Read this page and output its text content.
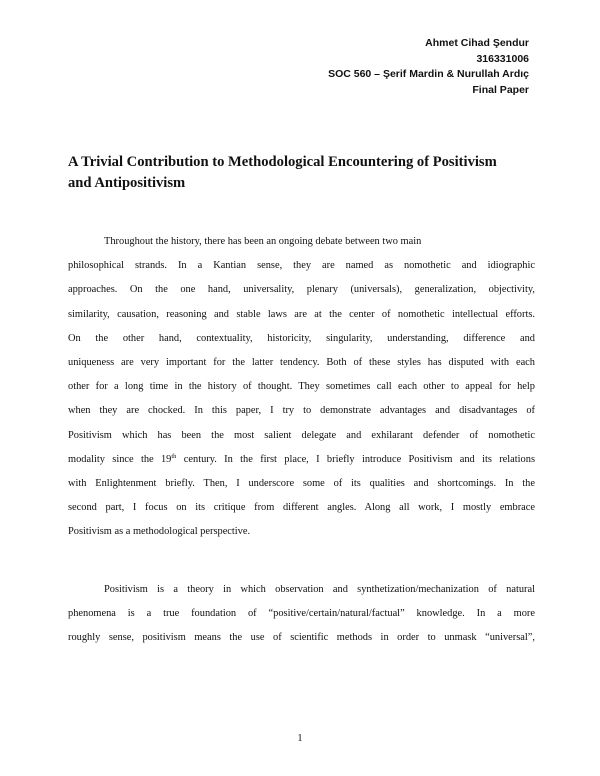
Ahmet Cihad Şendur
316331006
SOC 560 – Şerif Mardin & Nurullah Ardıç
Final Paper
A Trivial Contribution to Methodological Encountering of Positivism
and Antipositivism
Throughout the history, there has been an ongoing debate between two main
philosophical strands. In a Kantian sense, they are named as nomothetic and idiographic
approaches. On the one hand, universality, plenary (universals), generalization, objectivity,
similarity, causation, reasoning and stable laws are at the center of nomothetic intellectual efforts.
On the other hand, contextuality, historicity, singularity, understanding, difference and
uniqueness are very important for the latter tendency. Both of these styles has disputed with each
other for a long time in the history of thought. They sometimes call each other to appeal for help
when they are chocked. In this paper, I try to demonstrate advantages and disadvantages of
Positivism which has been the most salient delegate and exhilarant defender of nomothetic
modality since the 19th century. In the first place, I briefly introduce Positivism and its relations
with Enlightenment briefly. Then, I underscore some of its qualities and shortcomings. In the
second part, I focus on its critique from different angles. Along all work, I mostly embrace
Positivism as a methodological perspective.
Positivism is a theory in which observation and synthetization/mechanization of natural
phenomena is a true foundation of “positive/certain/natural/factual” knowledge. In a more
roughly sense, positivism means the use of scientific methods in order to unmask “universal”,
1
